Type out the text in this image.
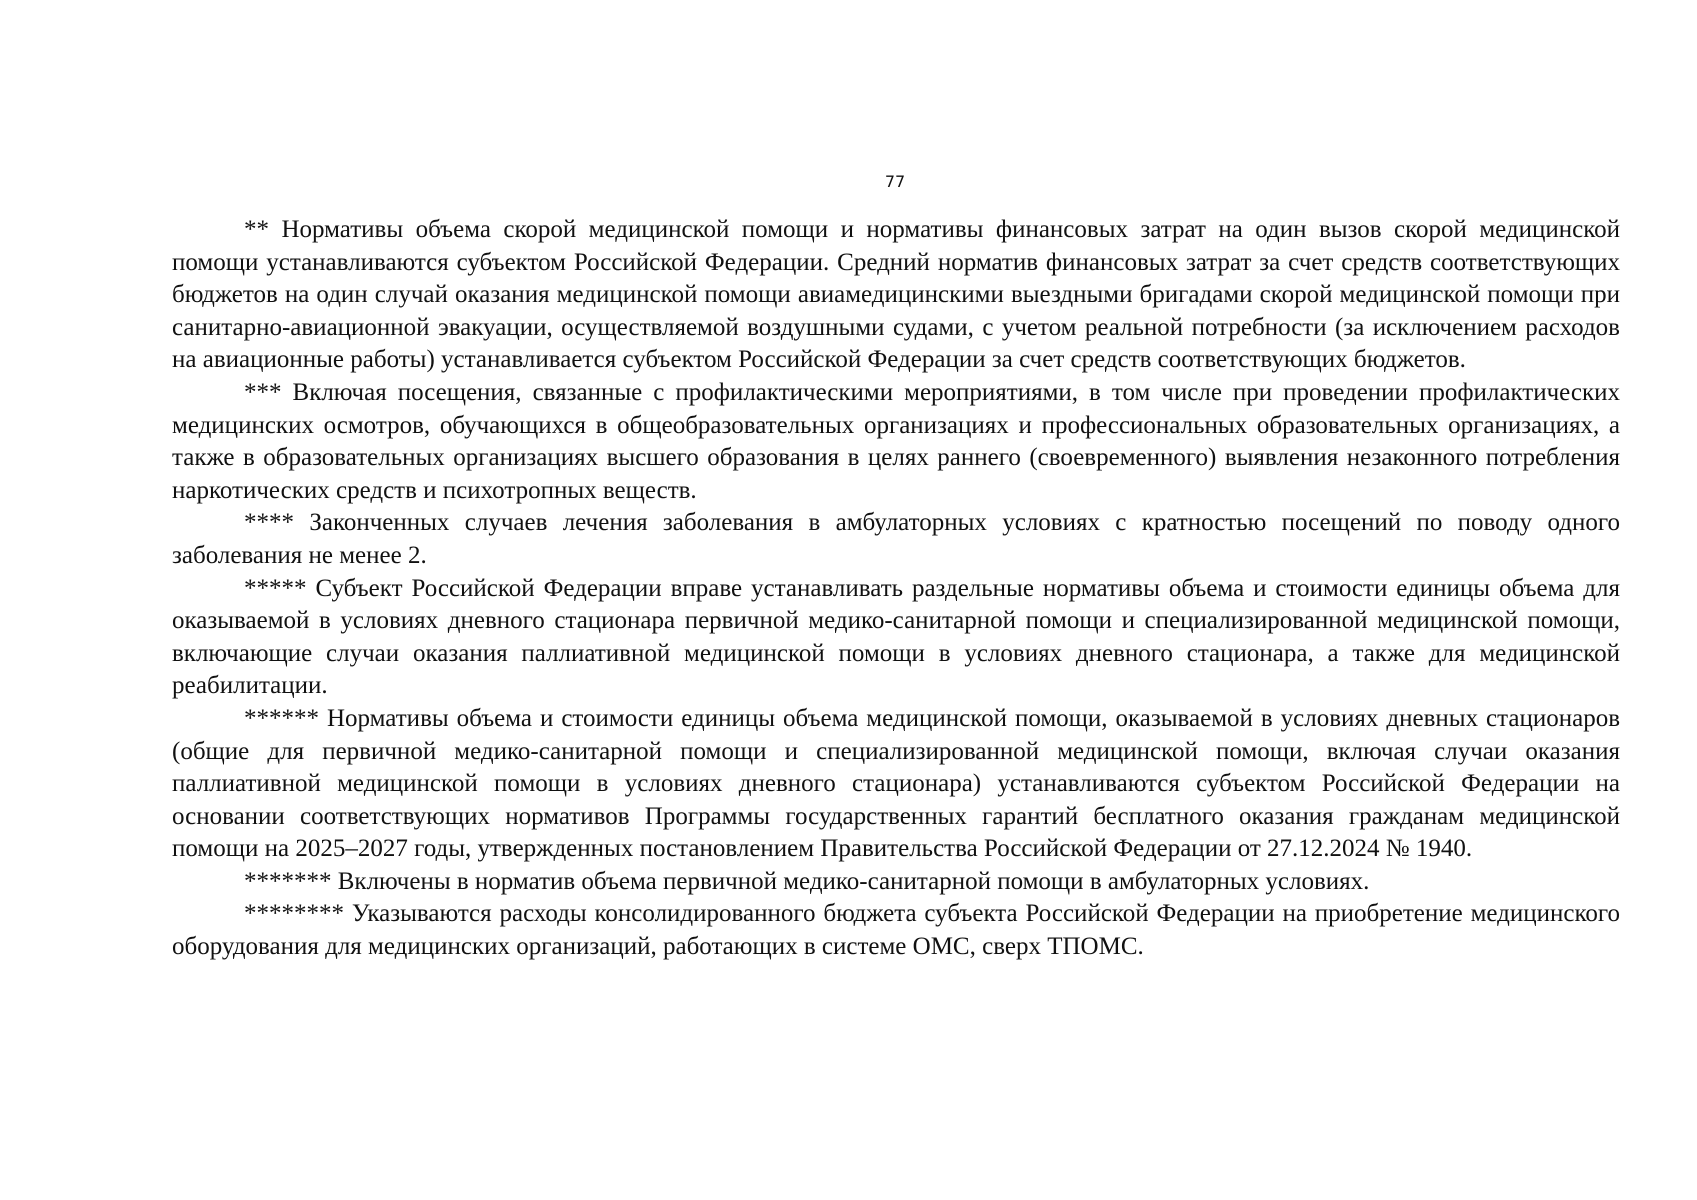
77

** Нормативы объема скорой медицинской помощи и нормативы финансовых затрат на один вызов скорой медицинской помощи устанавливаются субъектом Российской Федерации. Средний норматив финансовых затрат за счет средств соответствующих бюджетов на один случай оказания медицинской помощи авиамедицинскими выездными бригадами скорой медицинской помощи при санитарно-авиационной эвакуации, осуществляемой воздушными судами, с учетом реальной потребности (за исключением расходов на авиационные работы) устанавливается субъектом Российской Федерации за счет средств соответствующих бюджетов.

*** Включая посещения, связанные с профилактическими мероприятиями, в том числе при проведении профилактических медицинских осмотров, обучающихся в общеобразовательных организациях и профессиональных образовательных организациях, а также в образовательных организациях высшего образования в целях раннего (своевременного) выявления незаконного потребления наркотических средств и психотропных веществ.

**** Законченных случаев лечения заболевания в амбулаторных условиях с кратностью посещений по поводу одного заболевания не менее 2.

***** Субъект Российской Федерации вправе устанавливать раздельные нормативы объема и стоимости единицы объема для оказываемой в условиях дневного стационара первичной медико-санитарной помощи и специализированной медицинской помощи, включающие случаи оказания паллиативной медицинской помощи в условиях дневного стационара, а также для медицинской реабилитации.

****** Нормативы объема и стоимости единицы объема медицинской помощи, оказываемой в условиях дневных стационаров (общие для первичной медико-санитарной помощи и специализированной медицинской помощи, включая случаи оказания паллиативной медицинской помощи в условиях дневного стационара) устанавливаются субъектом Российской Федерации на основании соответствующих нормативов Программы государственных гарантий бесплатного оказания гражданам медицинской помощи на 2025–2027 годы, утвержденных постановлением Правительства Российской Федерации от 27.12.2024 № 1940.

******* Включены в норматив объема первичной медико-санитарной помощи в амбулаторных условиях.

******** Указываются расходы консолидированного бюджета субъекта Российской Федерации на приобретение медицинского оборудования для медицинских организаций, работающих в системе ОМС, сверх ТПОМС.
